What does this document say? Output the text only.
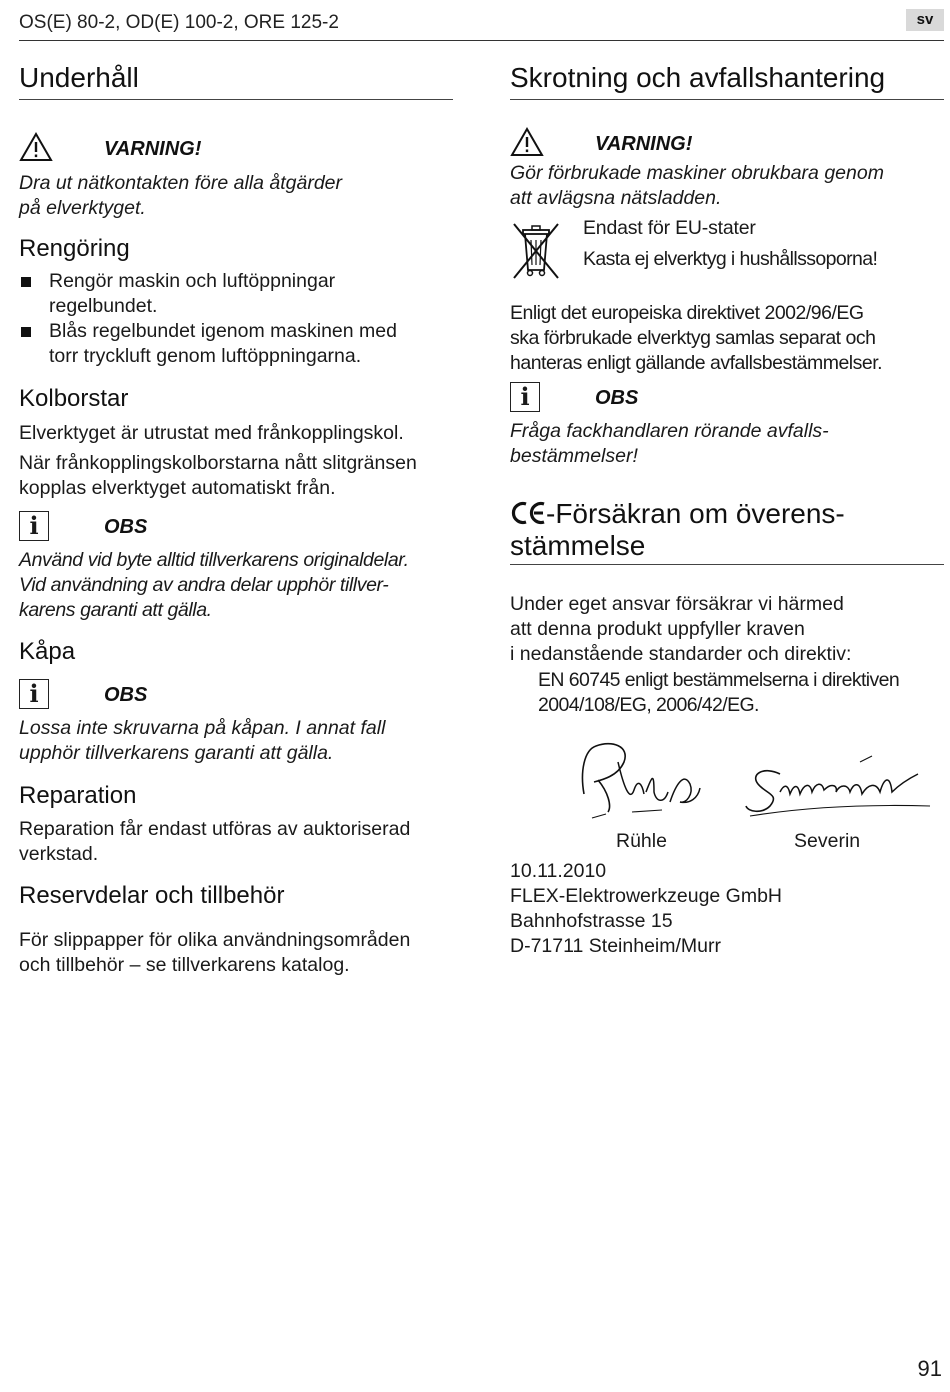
OS(E) 80-2, OD(E) 100-2, ORE 125-2	sv
Underhåll
VARNING!
Dra ut nätkontakten före alla åtgärder
på elverktyget.
Rengöring
Rengör maskin och luftöppningar
regelbundet.
Blås regelbundet igenom maskinen med
torr tryckluft genom luftöppningarna.
Kolborstar
Elverktyget är utrustat med frånkopplingskol.
När frånkopplingskolborstarna nått slitgränsen
kopplas elverktyget automatiskt från.
i	OBS
Använd vid byte alltid tillverkarens originaldelar.
Vid användning av andra delar upphör tillver-
karens garanti att gälla.
Kåpa
i	OBS
Lossa inte skruvarna på kåpan. I annat fall
upphör tillverkarens garanti att gälla.
Reparation
Reparation får endast utföras av auktoriserad
verkstad.
Reservdelar och tillbehör
För slippapper för olika användningsområden
och tillbehör – se tillverkarens katalog.
Skrotning och avfallshantering
VARNING!
Gör förbrukade maskiner obrukbara genom
att avlägsna nätsladden.
Endast för EU-stater
Kasta ej elverktyg i hushållssoporna!
Enligt det europeiska direktivet 2002/96/EG
ska förbrukade elverktyg samlas separat och
hanteras enligt gällande avfallsbestämmelser.
i	OBS
Fråga fackhandlaren rörande avfalls-
bestämmelser!
-Försäkran om överens-
stämmelse
Under eget ansvar försäkrar vi härmed
att denna produkt uppfyller kraven
i nedanstående standarder och direktiv:
EN 60745 enligt bestämmelserna i direktiven
2004/108/EG, 2006/42/EG.
Rühle	Severin
10.11.2010
FLEX-Elektrowerkzeuge GmbH
Bahnhofstrasse 15
D-71711 Steinheim/Murr
91
